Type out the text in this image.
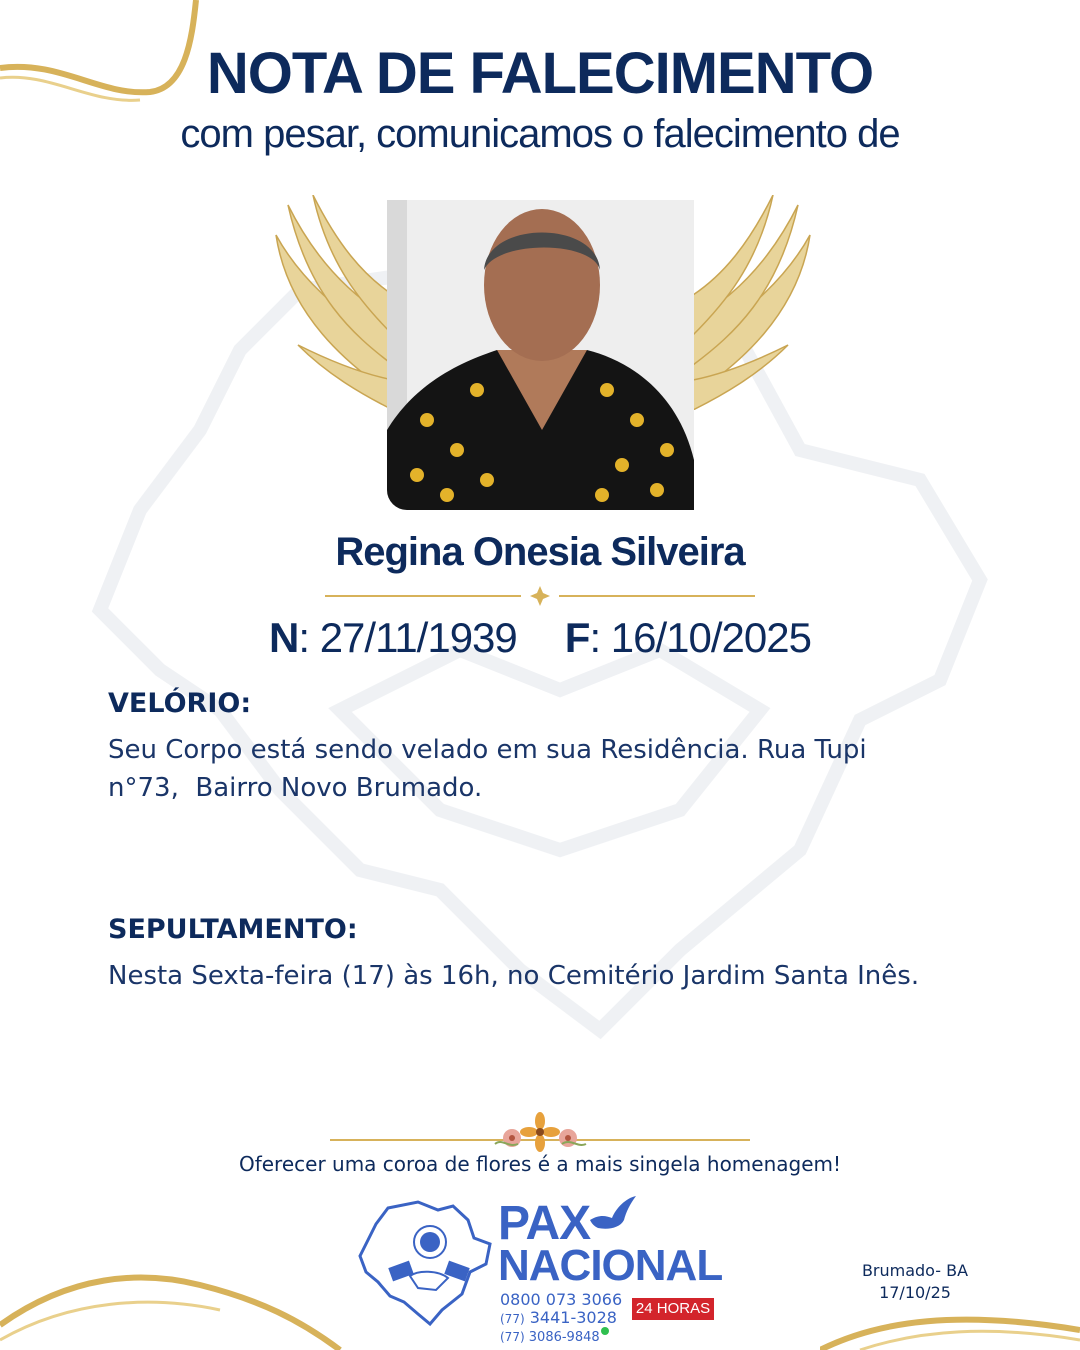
NOTA DE FALECIMENTO
com pesar, comunicamos o falecimento de
Regina Onesia Silveira
N: 27/11/1939 F: 16/10/2025
VELÓRIO:
Seu Corpo está sendo velado em sua Residência. Rua Tupi
n°73,  Bairro Novo Brumado.
SEPULTAMENTO:
Nesta Sexta-feira (17) às 16h, no Cemitério Jardim Santa Inês.
Oferecer uma coroa de flores é a mais singela homenagem!
PAX
NACIONAL
0800 073 3066
(77) 3441-3028
(77) 3086-9848
24 HORAS
Brumado- BA
17/10/25
